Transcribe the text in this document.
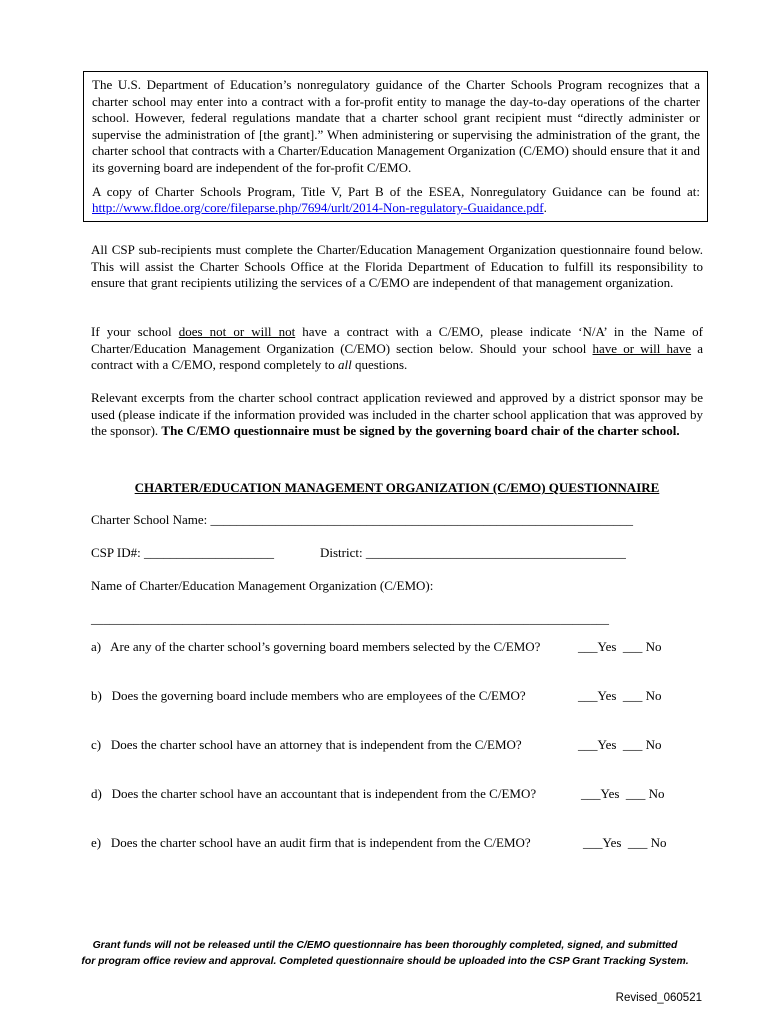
The U.S. Department of Education’s nonregulatory guidance of the Charter Schools Program recognizes that a charter school may enter into a contract with a for-profit entity to manage the day-to-day operations of the charter school. However, federal regulations mandate that a charter school grant recipient must “directly administer or supervise the administration of [the grant].” When administering or supervising the administration of the grant, the charter school that contracts with a Charter/Education Management Organization (C/EMO) should ensure that it and its governing board are independent of the for-profit C/EMO.

A copy of Charter Schools Program, Title V, Part B of the ESEA, Nonregulatory Guidance can be found at: http://www.fldoe.org/core/fileparse.php/7694/urlt/2014-Non-regulatory-Guaidance.pdf.

All CSP sub-recipients must complete the Charter/Education Management Organization questionnaire found below. This will assist the Charter Schools Office at the Florida Department of Education to fulfill its responsibility to ensure that grant recipients utilizing the services of a C/EMO are independent of that management organization.

If your school does not or will not have a contract with a C/EMO, please indicate ‘N/A’ in the Name of Charter/Education Management Organization (C/EMO) section below. Should your school have or will have a contract with a C/EMO, respond completely to all questions.

Relevant excerpts from the charter school contract application reviewed and approved by a district sponsor may be used (please indicate if the information provided was included in the charter school application that was approved by the sponsor). The C/EMO questionnaire must be signed by the governing board chair of the charter school.

CHARTER/EDUCATION MANAGEMENT ORGANIZATION (C/EMO) QUESTIONNAIRE
Charter School Name: _________________________________________________________________
CSP ID#: ____________________	District: ________________________________________
Name of Charter/Education Management Organization (C/EMO):
_____________________________________________________________________________________
a)   Are any of the charter school’s governing board members selected by the C/EMO?	___Yes  ___ No
b)   Does the governing board include members who are employees of the C/EMO?	___Yes  ___ No
c)   Does the charter school have an attorney that is independent from the C/EMO?	___Yes  ___ No
d)   Does the charter school have an accountant that is independent from the C/EMO?	___Yes  ___ No
e)   Does the charter school have an audit firm that is independent from the C/EMO?	___Yes  ___ No
Grant funds will not be released until the C/EMO questionnaire has been thoroughly completed, signed, and submitted
for program office review and approval. Completed questionnaire should be uploaded into the CSP Grant Tracking System.
Revised_060521
